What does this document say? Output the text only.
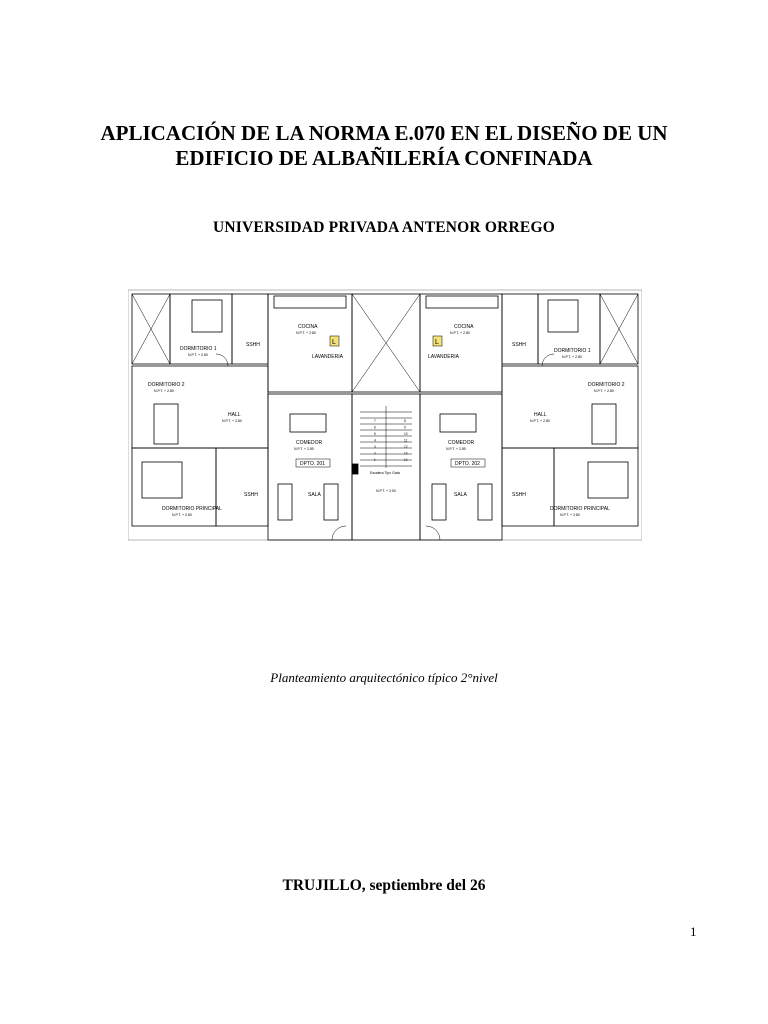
APLICACIÓN DE LA NORMA E.070 EN EL DISEÑO DE UN
EDIFICIO DE ALBAÑILERÍA CONFINADA
UNIVERSIDAD PRIVADA ANTENOR ORREGO
L	L
DORMITORIO 1
N.P.T. + 2.80
SSHH
COCINA
N.P.T. + 2.80
LAVANDERIA
DORMITORIO 2
N.P.T. + 2.80
HALL
N.P.T. + 2.80
COMEDOR
N.P.T. + 2.80
DPTO. 201
SALA
SSHH
DORMITORIO PRINCIPAL
N.P.T. + 2.80
DORMITORIO 1
N.P.T. + 2.80
SSHH
COCINA
N.P.T. + 2.80
LAVANDERIA
DORMITORIO 2
N.P.T. + 2.80
HALL
N.P.T. + 2.80
COMEDOR
N.P.T. + 2.80
DPTO. 202
SALA	SSHH
DORMITORIO PRINCIPAL
N.P.T. + 2.80
Escalera Tipo Gata
N.P.T. + 2.50
1
2
3
4
5
6
7	8
9
10
11
12
13
14
Planteamiento arquitectónico típico 2°nivel
TRUJILLO, septiembre del 26
1
